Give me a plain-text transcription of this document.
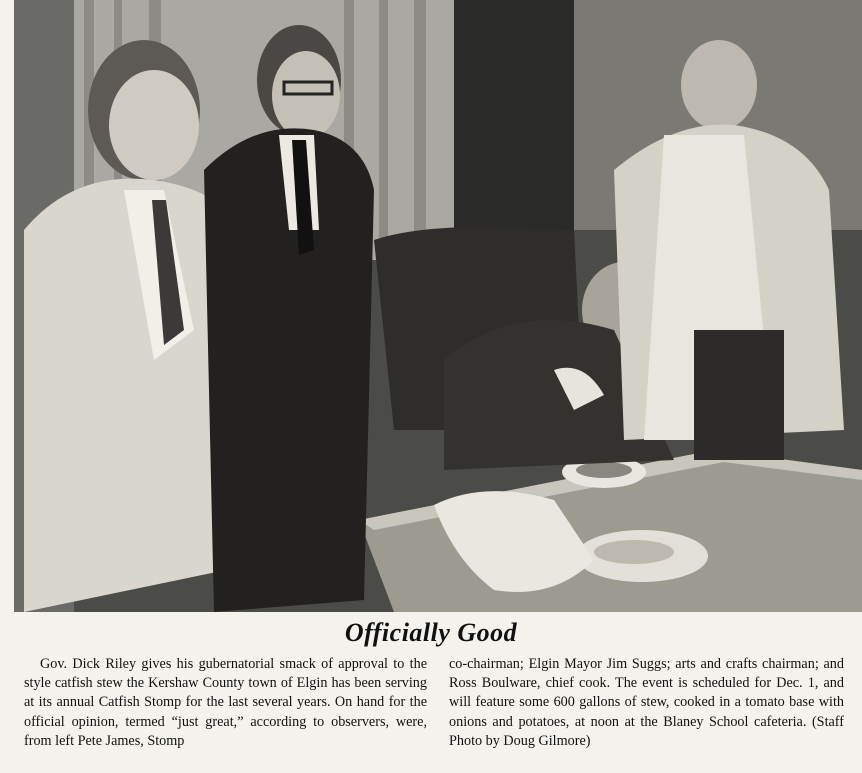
Officially Good
Gov. Dick Riley gives his gubernatorial smack of approval to the style catfish stew the Kershaw County town of Elgin has been serving at its annual Catfish Stomp for the last several years. On hand for the official opinion, termed “just great,” according to observers, were, from left Pete James, Stomp
co-chairman; Elgin Mayor Jim Suggs; arts and crafts chairman; and Ross Boulware, chief cook. The event is scheduled for Dec. 1, and will feature some 600 gallons of stew, cooked in a tomato base with onions and potatoes, at noon at the Blaney School cafeteria. (Staff Photo by Doug Gilmore)
